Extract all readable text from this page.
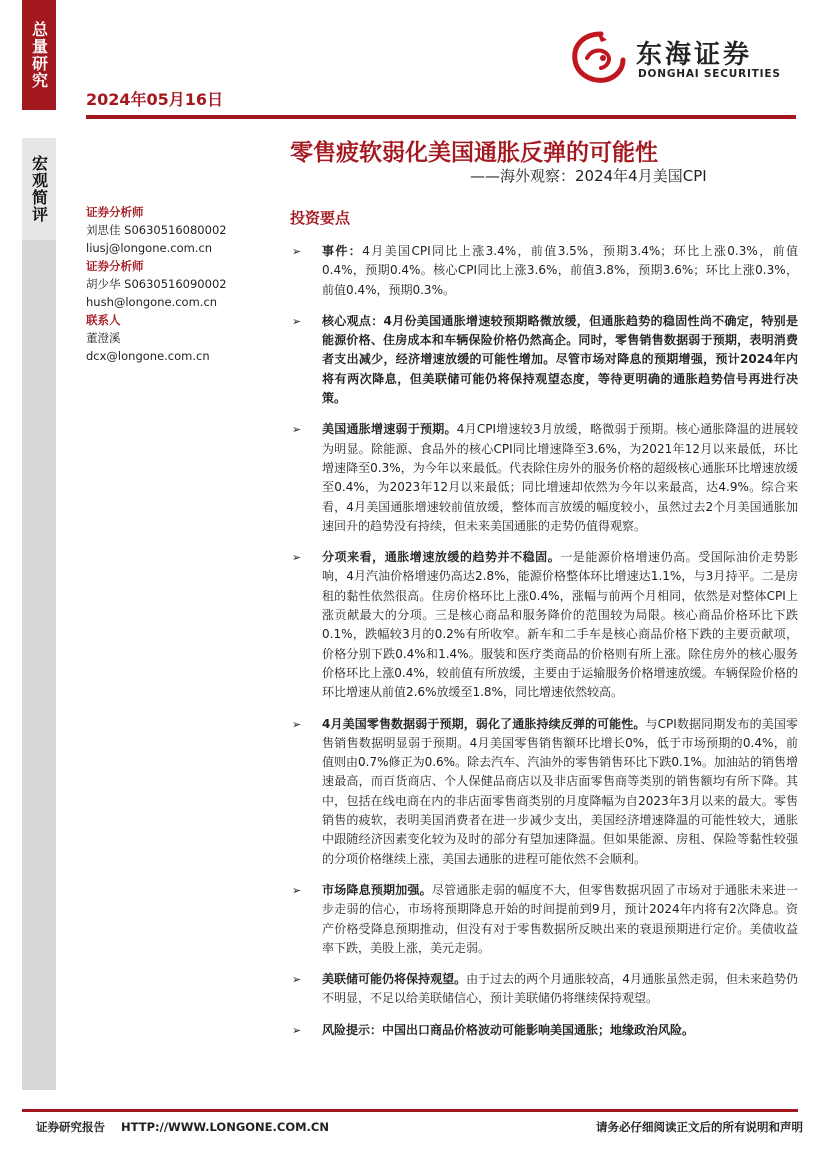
总量研究
宏观简评
2024年05月16日
东海证券
DONGHAI SECURITIES
零售疲软弱化美国通胀反弹的可能性
——海外观察：2024年4月美国CPI
证券分析师
刘思佳 S0630516080002
liusj@longone.com.cn
证券分析师
胡少华 S0630516090002
hush@longone.com.cn
联系人
董澄溪
dcx@longone.com.cn
投资要点
➢ 事件：4月美国CPI同比上涨3.4%，前值3.5%，预期3.4%；环比上涨0.3%，前值0.4%，预期0.4%。核心CPI同比上涨3.6%，前值3.8%，预期3.6%；环比上涨0.3%，前值0.4%，预期0.3%。
➢ 核心观点：4月份美国通胀增速较预期略微放缓，但通胀趋势的稳固性尚不确定，特别是能源价格、住房成本和车辆保险价格仍然高企。同时，零售销售数据弱于预期，表明消费者支出减少，经济增速放缓的可能性增加。尽管市场对降息的预期增强，预计2024年内将有两次降息，但美联储可能仍将保持观望态度，等待更明确的通胀趋势信号再进行决策。
➢ 美国通胀增速弱于预期。4月CPI增速较3月放缓，略微弱于预期。核心通胀降温的进展较为明显。除能源、食品外的核心CPI同比增速降至3.6%，为2021年12月以来最低，环比增速降至0.3%，为今年以来最低。代表除住房外的服务价格的超级核心通胀环比增速放缓至0.4%，为2023年12月以来最低；同比增速却依然为今年以来最高，达4.9%。综合来看，4月美国通胀增速较前值放缓，整体而言放缓的幅度较小，虽然过去2个月美国通胀加速回升的趋势没有持续，但未来美国通胀的走势仍值得观察。
➢ 分项来看，通胀增速放缓的趋势并不稳固。一是能源价格增速仍高。受国际油价走势影响，4月汽油价格增速仍高达2.8%，能源价格整体环比增速达1.1%，与3月持平。二是房租的黏性依然很高。住房价格环比上涨0.4%，涨幅与前两个月相同，依然是对整体CPI上涨贡献最大的分项。三是核心商品和服务降价的范围较为局限。核心商品价格环比下跌0.1%，跌幅较3月的0.2%有所收窄。新车和二手车是核心商品价格下跌的主要贡献项，价格分别下跌0.4%和1.4%。服装和医疗类商品的价格则有所上涨。除住房外的核心服务价格环比上涨0.4%，较前值有所放缓，主要由于运输服务价格增速放缓。车辆保险价格的环比增速从前值2.6%放缓至1.8%，同比增速依然较高。
➢ 4月美国零售数据弱于预期，弱化了通胀持续反弹的可能性。与CPI数据同期发布的美国零售销售数据明显弱于预期。4月美国零售销售额环比增长0%，低于市场预期的0.4%，前值则由0.7%修正为0.6%。除去汽车、汽油外的零售销售环比下跌0.1%。加油站的销售增速最高，而百货商店、个人保健品商店以及非店面零售商等类别的销售额均有所下降。其中，包括在线电商在内的非店面零售商类别的月度降幅为自2023年3月以来的最大。零售销售的疲软，表明美国消费者在进一步减少支出，美国经济增速降温的可能性较大，通胀中跟随经济因素变化较为及时的部分有望加速降温。但如果能源、房租、保险等黏性较强的分项价格继续上涨，美国去通胀的进程可能依然不会顺利。
➢ 市场降息预期加强。尽管通胀走弱的幅度不大，但零售数据巩固了市场对于通胀未来进一步走弱的信心，市场将预期降息开始的时间提前到9月，预计2024年内将有2次降息。资产价格受降息预期推动，但没有对于零售数据所反映出来的衰退预期进行定价。美债收益率下跌，美股上涨，美元走弱。
➢ 美联储可能仍将保持观望。由于过去的两个月通胀较高，4月通胀虽然走弱，但未来趋势仍不明显，不足以给美联储信心，预计美联储仍将继续保持观望。
➢ 风险提示：中国出口商品价格波动可能影响美国通胀；地缘政治风险。
证券研究报告    HTTP://WWW.LONGONE.COM.CN	请务必仔细阅读正文后的所有说明和声明
